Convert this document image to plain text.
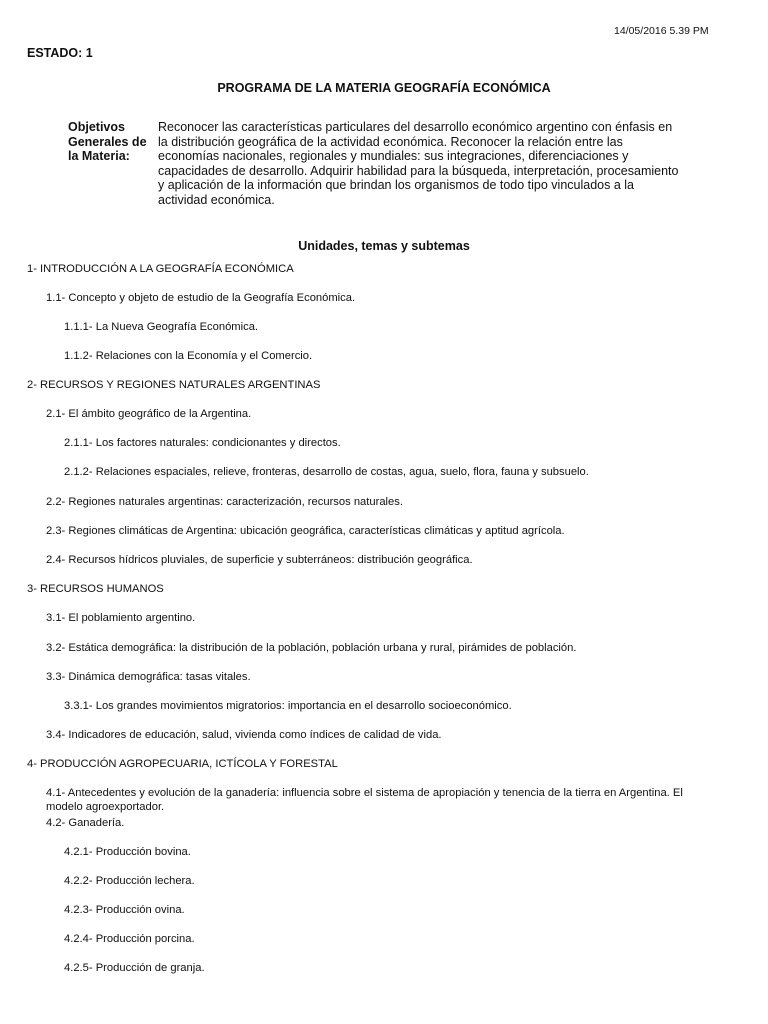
14/05/2016 5.39 PM
ESTADO: 1
PROGRAMA DE LA MATERIA GEOGRAFÍA ECONÓMICA
Objetivos
Generales de
la Materia:
Reconocer las características particulares del desarrollo económico argentino con énfasis en
la distribución geográfica de la actividad económica. Reconocer la relación entre las
economías nacionales, regionales y mundiales: sus integraciones, diferenciaciones y
capacidades de desarrollo. Adquirir habilidad para la búsqueda, interpretación, procesamiento
y aplicación de la información que brindan los organismos de todo tipo vinculados a la
actividad económica.
Unidades, temas y subtemas
1- INTRODUCCIÓN A LA GEOGRAFÍA ECONÓMICA
1.1- Concepto y objeto de estudio de la Geografía Económica.
1.1.1- La Nueva Geografía Económica.
1.1.2- Relaciones con la Economía y el Comercio.
2- RECURSOS Y REGIONES NATURALES ARGENTINAS
2.1- El ámbito geográfico de la Argentina.
2.1.1- Los factores naturales: condicionantes y directos.
2.1.2- Relaciones espaciales, relieve, fronteras, desarrollo de costas, agua, suelo, flora, fauna y subsuelo.
2.2- Regiones naturales argentinas: caracterización, recursos naturales.
2.3- Regiones climáticas de Argentina: ubicación geográfica, características climáticas y aptitud agrícola.
2.4- Recursos hídricos pluviales, de superficie y subterráneos: distribución geográfica.
3- RECURSOS HUMANOS
3.1- El poblamiento argentino.
3.2- Estática demográfica: la distribución de la población, población urbana y rural, pirámides de población.
3.3- Dinámica demográfica: tasas vitales.
3.3.1- Los grandes movimientos migratorios: importancia en el desarrollo socioeconómico.
3.4- Indicadores de educación, salud, vivienda como índices de calidad de vida.
4- PRODUCCIÓN AGROPECUARIA, ICTÍCOLA Y FORESTAL
4.1- Antecedentes y evolución de la ganadería: influencia sobre el sistema de apropiación y tenencia de la tierra en Argentina. El modelo agroexportador.
4.2- Ganadería.
4.2.1- Producción bovina.
4.2.2- Producción lechera.
4.2.3- Producción ovina.
4.2.4- Producción porcina.
4.2.5- Producción de granja.
